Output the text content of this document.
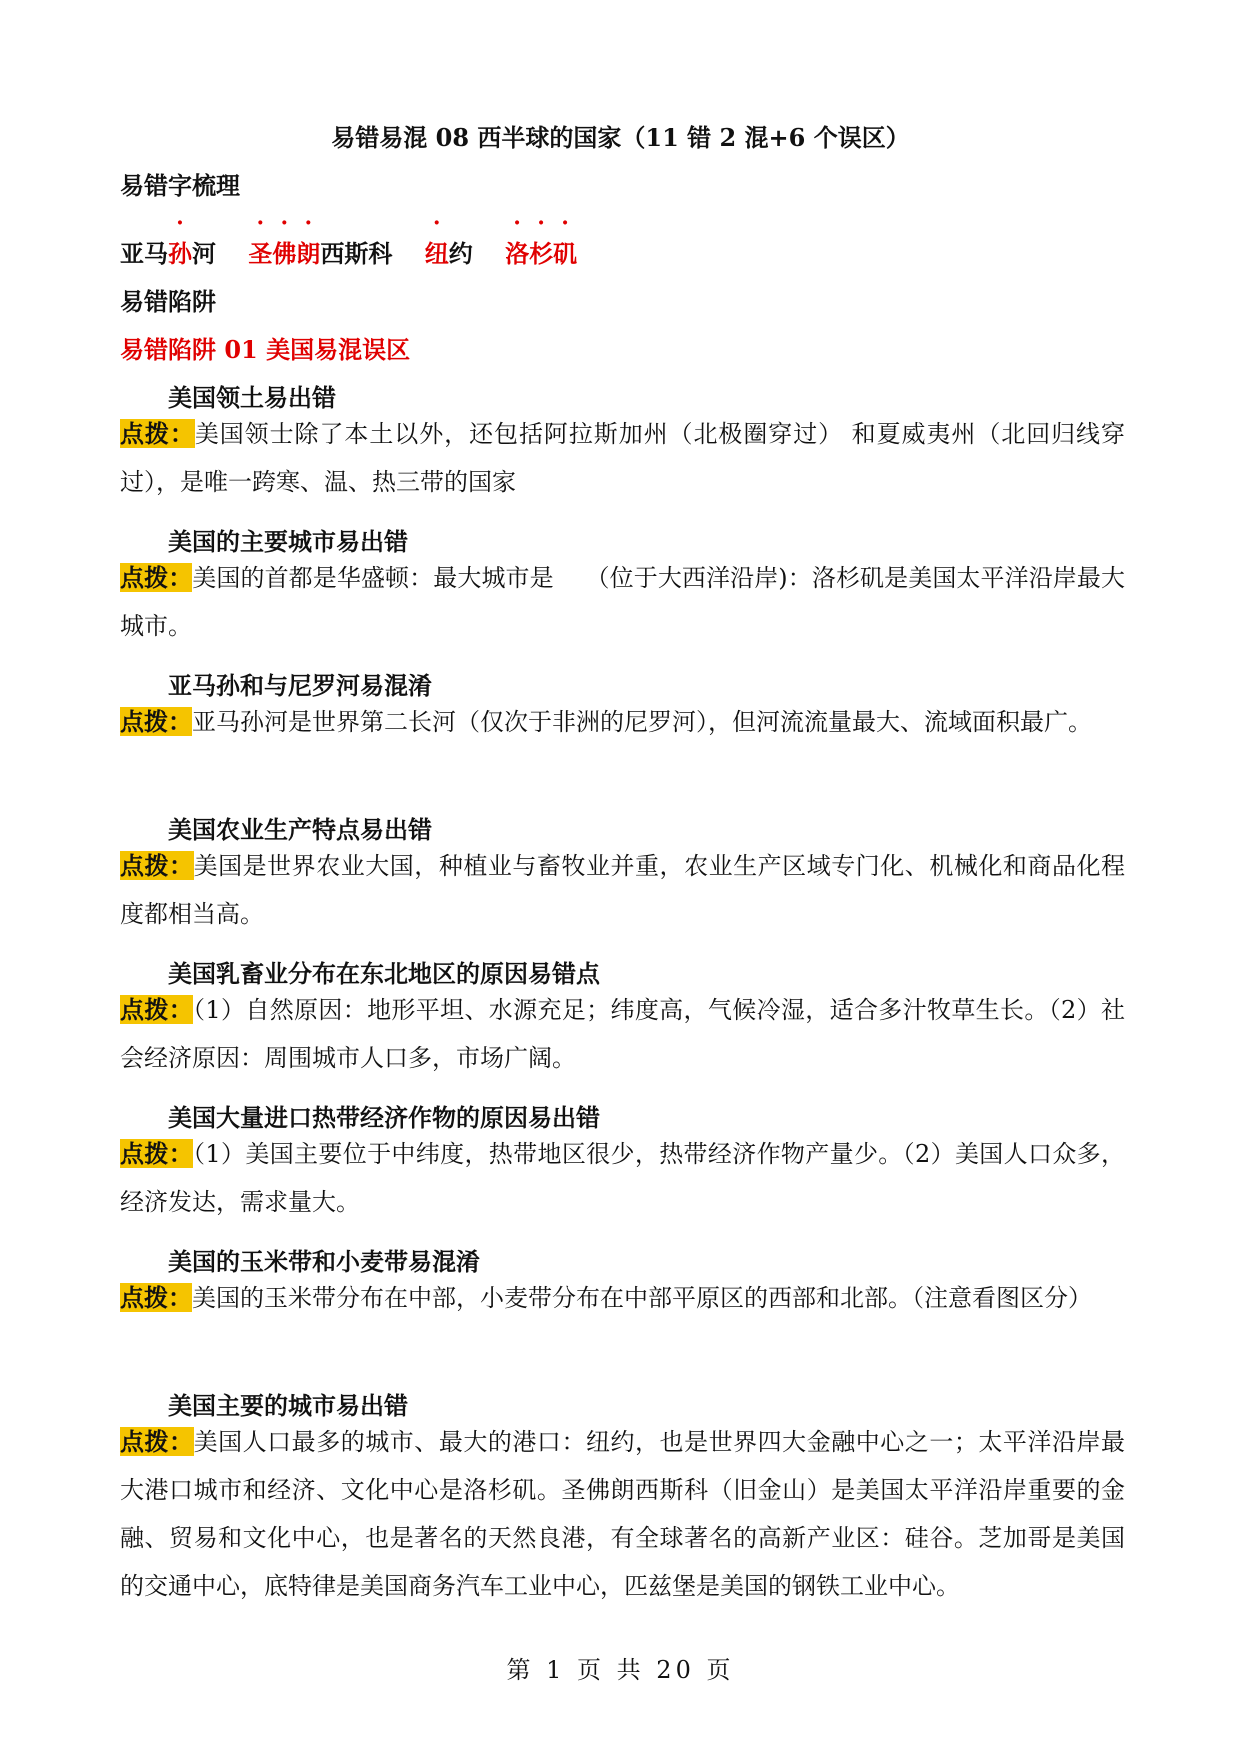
易错易混 08 西半球的国家（11 错 2 混+6 个误区）
易错字梳理
亚马孙河 圣佛朗西斯科 纽约 洛杉矶
易错陷阱
易错陷阱 01 美国易混误区
美国领土易出错
点拨：美国领士除了本土以外，还包括阿拉斯加州（北极圈穿过） 和夏威夷州（北回归线穿过），是唯一跨寒、温、热三带的国家
美国的主要城市易出错
点拨：美国的首都是华盛顿：最大城市是　 （位于大西洋沿岸)：洛杉矶是美国太平洋沿岸最大城市。
亚马孙和与尼罗河易混淆
点拨：亚马孙河是世界第二长河（仅次于非洲的尼罗河），但河流流量最大、流域面积最广。
美国农业生产特点易出错
点拨：美国是世界农业大国，种植业与畜牧业并重，农业生产区域专门化、机械化和商品化程度都相当高。
美国乳畜业分布在东北地区的原因易错点
点拨：（1）自然原因：地形平坦、水源充足；纬度高，气候冷湿，适合多汁牧草生长。（2）社会经济原因：周围城市人口多，市场广阔。
美国大量进口热带经济作物的原因易出错
点拨：（1）美国主要位于中纬度，热带地区很少，热带经济作物产量少。（2）美国人口众多，经济发达，需求量大。
美国的玉米带和小麦带易混淆
点拨：美国的玉米带分布在中部，小麦带分布在中部平原区的西部和北部。（注意看图区分）
美国主要的城市易出错
点拨：美国人口最多的城市、最大的港口：纽约，也是世界四大金融中心之一；太平洋沿岸最大港口城市和经济、文化中心是洛杉矶。圣佛朗西斯科（旧金山）是美国太平洋沿岸重要的金融、贸易和文化中心，也是著名的天然良港，有全球著名的高新产业区：硅谷。芝加哥是美国的交通中心，底特律是美国商务汽车工业中心，匹兹堡是美国的钢铁工业中心。
第 1 页 共 20 页
